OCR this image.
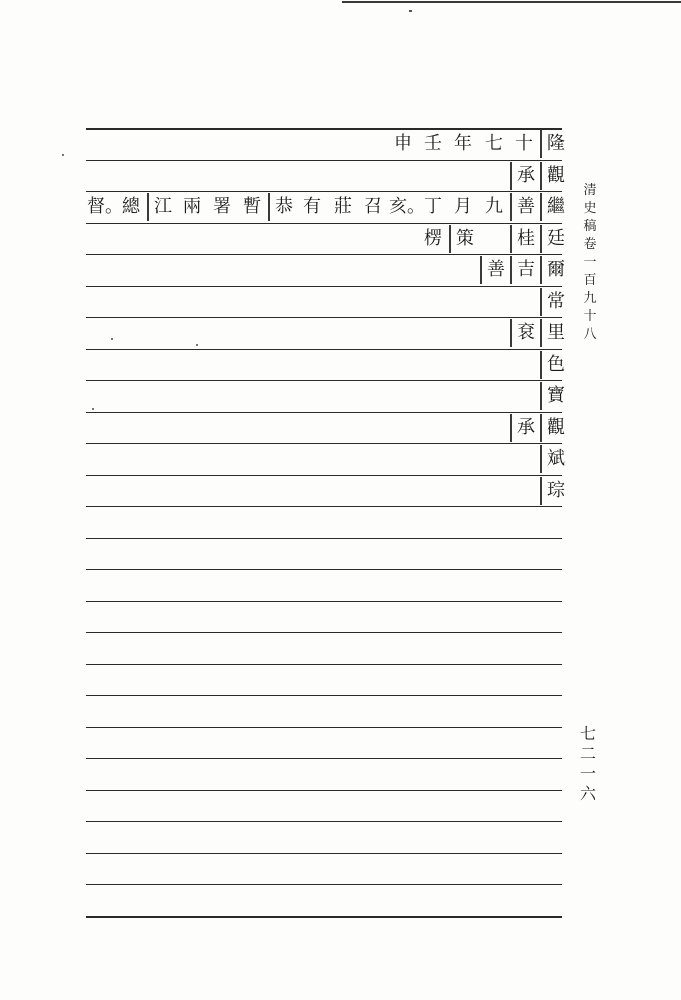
隆
十
七
年
壬
申
觀
承
繼
善
九
月
丁
亥。
召
莊
有
恭
暫
署
兩
江
總
督。
廷
桂
策
楞
爾
吉
善
常
里
袞
色
寶
觀
承
斌
琮
清
史
稿
卷
一
百
九
十
八
七
二
一
六
